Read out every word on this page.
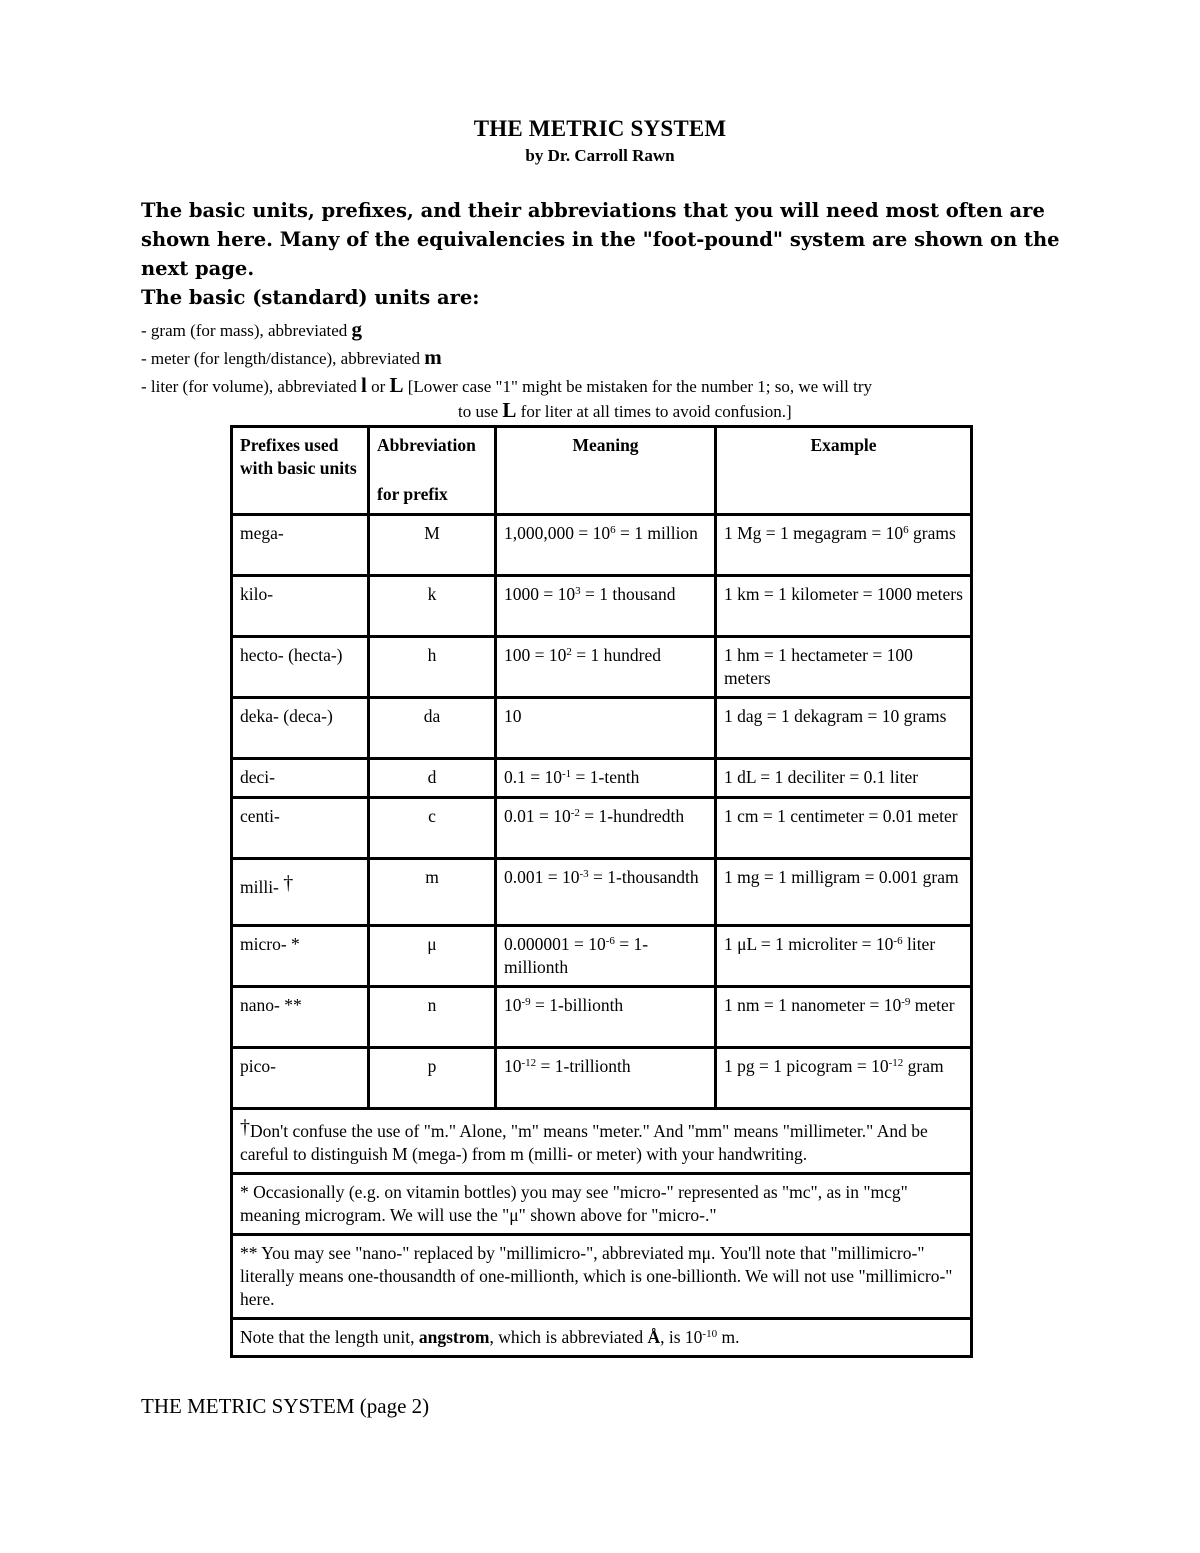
THE METRIC SYSTEM
by Dr. Carroll Rawn

The basic units, prefixes, and their abbreviations that you will need most often are shown here. Many of the equivalencies in the "foot-pound" system are shown on the next page.

The basic (standard) units are:

- gram (for mass), abbreviated g
- meter (for length/distance), abbreviated m
- liter (for volume), abbreviated l or L [Lower case "1" might be mistaken for the number 1; so, we will try
to use L for liter at all times to avoid confusion.]
Prefixes used with basic units	Abbreviation
for prefix	Meaning	Example
mega-	M	$1,000,000 = 10^6 = 1$ million	1 Mg = 1 megagram = $10^6$ grams
kilo-	k	$1000 = 10^3 = 1$ thousand	1 km = 1 kilometer = 1000 meters
hecto- (hecta-)	h	$100 = 10^2 = 1$ hundred	1 hm = 1 hectameter = 100 meters
deka- (deca-)	da	10	1 dag = 1 dekagram = 10 grams
deci-	d	$0.1 = 10^{-1}$ = 1-tenth	1 dL = 1 deciliter = 0.1 liter
centi-	c	$0.01 = 10^{-2}$ = 1-hundredth	1 cm = 1 centimeter = 0.01 meter
milli- †	m	$0.001 = 10^{-3}$ = 1-thousandth	1 mg = 1 milligram = 0.001 gram
micro- *	μ	$0.000001 = 10^{-6}$ = 1-millionth	1 μL = 1 microliter = $10^{-6}$ liter
nano- **	n	$10^{-9}$ = 1-billionth	1 nm = 1 nanometer = $10^{-9}$ meter
pico-	p	$10^{-12}$ = 1-trillionth	1 pg = 1 picogram = $10^{-12}$ gram
†Don't confuse the use of "m." Alone, "m" means "meter." And "mm" means "millimeter." And be careful to distinguish M (mega-) from m (milli- or meter) with your handwriting.			
* Occasionally (e.g. on vitamin bottles) you may see "micro-" represented as "mc", as in "mcg" meaning microgram. We will use the "μ" shown above for "micro-."			
** You may see "nano-" replaced by "millimicro-", abbreviated mμ. You'll note that "millimicro-" literally means one-thousandth of one-millionth, which is one-billionth. We will not use "millimicro-" here.			
Note that the length unit, angstrom, which is abbreviated Å, is $10^{-10}$ m.			
THE METRIC SYSTEM (page 2)
